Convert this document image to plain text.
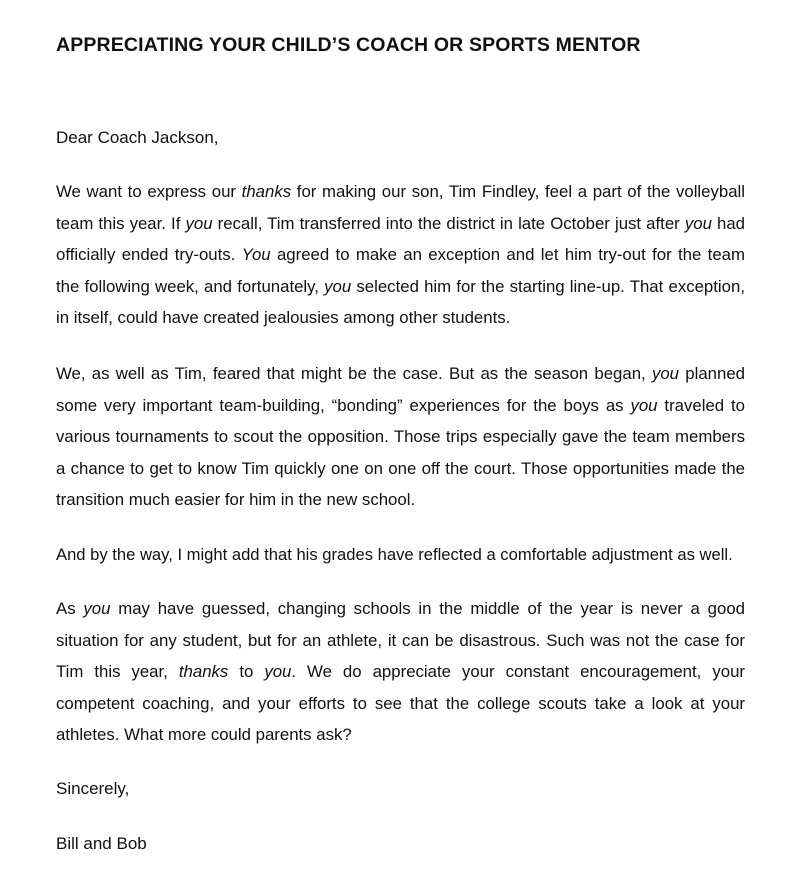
APPRECIATING YOUR CHILD’S COACH OR SPORTS MENTOR

Dear Coach Jackson,

We want to express our thanks for making our son, Tim Findley, feel a part of the volleyball team this year. If you recall, Tim transferred into the district in late October just after you had officially ended try-outs. You agreed to make an exception and let him try-out for the team the following week, and fortunately, you selected him for the starting line-up. That exception, in itself, could have created jealousies among other students.

We, as well as Tim, feared that might be the case. But as the season began, you planned some very important team-building, “bonding” experiences for the boys as you traveled to various tournaments to scout the opposition. Those trips especially gave the team members a chance to get to know Tim quickly one on one off the court. Those opportunities made the transition much easier for him in the new school.

And by the way, I might add that his grades have reflected a comfortable adjustment as well.

As you may have guessed, changing schools in the middle of the year is never a good situation for any student, but for an athlete, it can be disastrous. Such was not the case for Tim this year, thanks to you. We do appreciate your constant encouragement, your competent coaching, and your efforts to see that the college scouts take a look at your athletes. What more could parents ask?

Sincerely,

Bill and Bob
